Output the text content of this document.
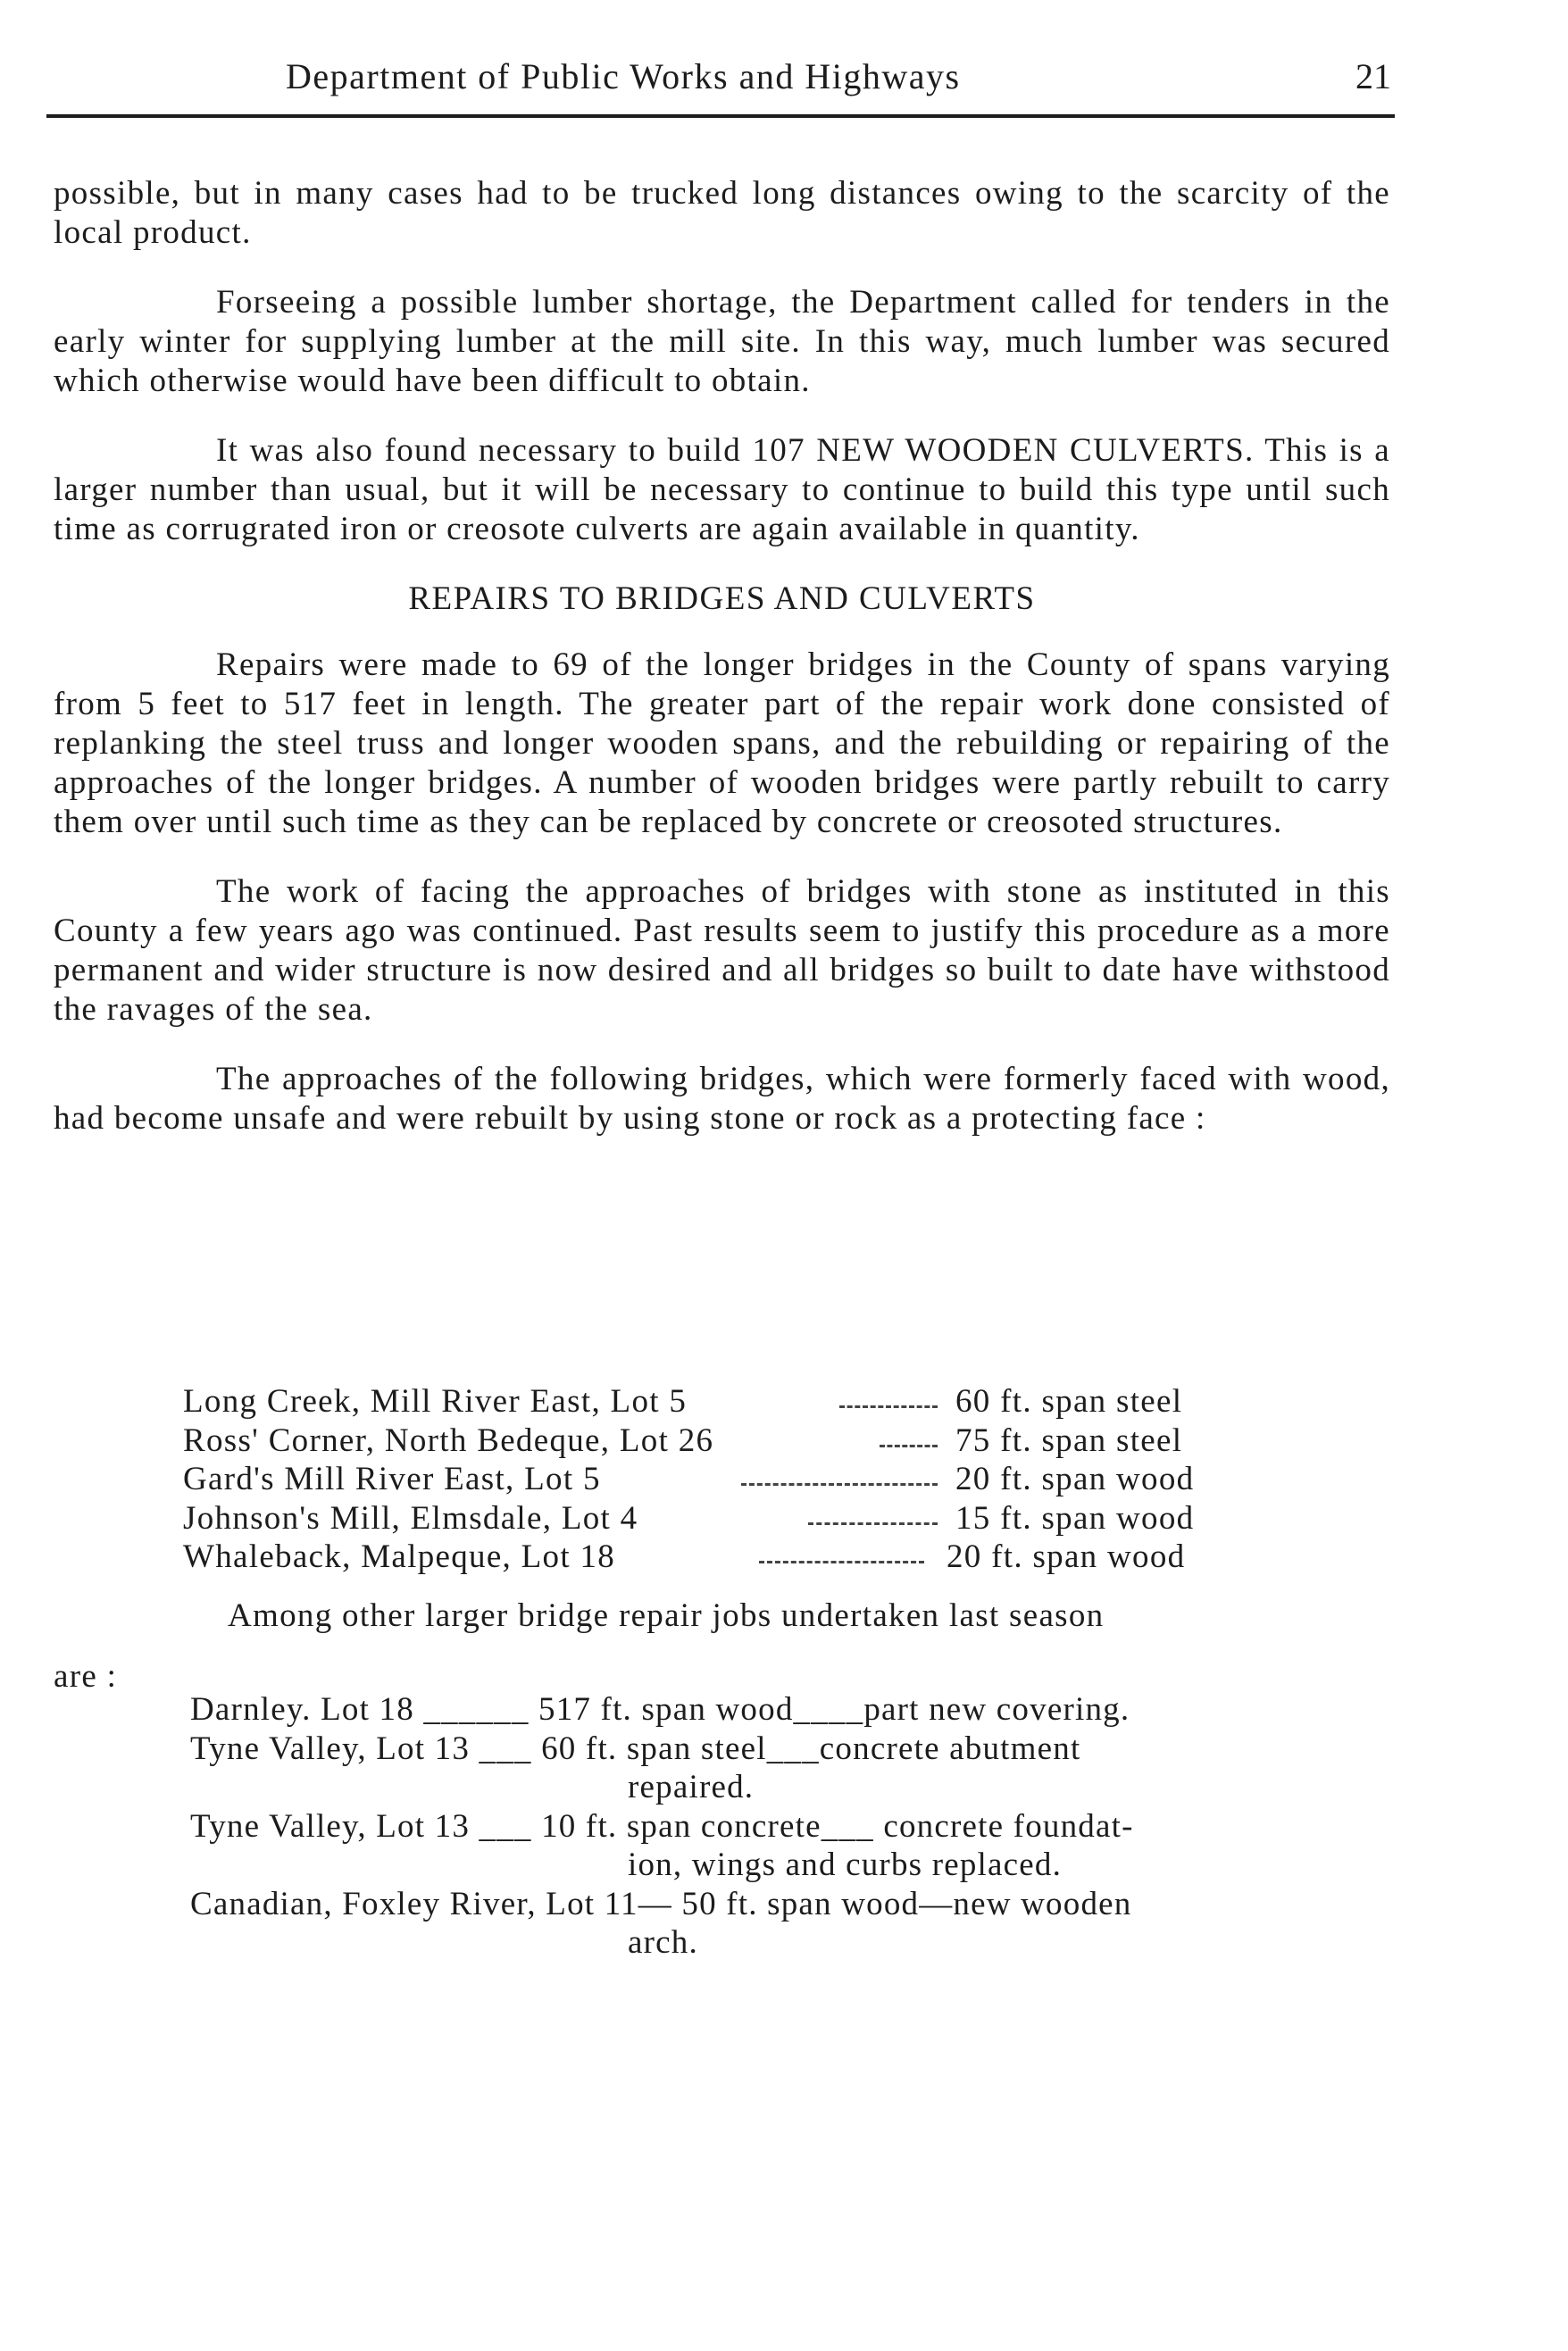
Department of Public Works and Highways	21

possible, but in many cases had to be trucked long distances owing to the scarcity of the local product.

Forseeing a possible lumber shortage, the Department called for tenders in the early winter for supplying lumber at the mill site. In this way, much lumber was secured which otherwise would have been difficult to obtain.

It was also found necessary to build 107 NEW WOODEN CULVERTS. This is a larger number than usual, but it will be necessary to continue to build this type until such time as corrugrated iron or creosote culverts are again available in quantity.

REPAIRS TO BRIDGES AND CULVERTS

Repairs were made to 69 of the longer bridges in the County of spans varying from 5 feet to 517 feet in length. The greater part of the repair work done consisted of replanking the steel truss and longer wooden spans, and the rebuilding or repairing of the approaches of the longer bridges. A number of wooden bridges were partly rebuilt to carry them over until such time as they can be replaced by concrete or creosoted structures.

The work of facing the approaches of bridges with stone as instituted in this County a few years ago was continued. Past results seem to justify this procedure as a more permanent and wider structure is now desired and all bridges so built to date have withstood the ravages of the sea.

The approaches of the following bridges, which were formerly faced with wood, had become unsafe and were rebuilt by using stone or rock as a protecting face :

Long Creek, Mill River East, Lot 5	60 ft. span steel
Ross' Corner, North Bedeque, Lot 26	75 ft. span steel
Gard's Mill River East, Lot 5	20 ft. span wood
Johnson's Mill, Elmsdale, Lot 4	15 ft. span wood
Whaleback, Malpeque, Lot 18	20 ft. span wood
Among other larger bridge repair jobs undertaken last season
are :
Darnley. Lot 18 ______ 517 ft. span wood____part new covering.
Tyne Valley, Lot 13 ___ 60 ft. span steel___concrete abutment
repaired.
Tyne Valley, Lot 13 ___ 10 ft. span concrete___ concrete foundat-
ion, wings and curbs replaced.
Canadian, Foxley River, Lot 11— 50 ft. span wood—new wooden
arch.
